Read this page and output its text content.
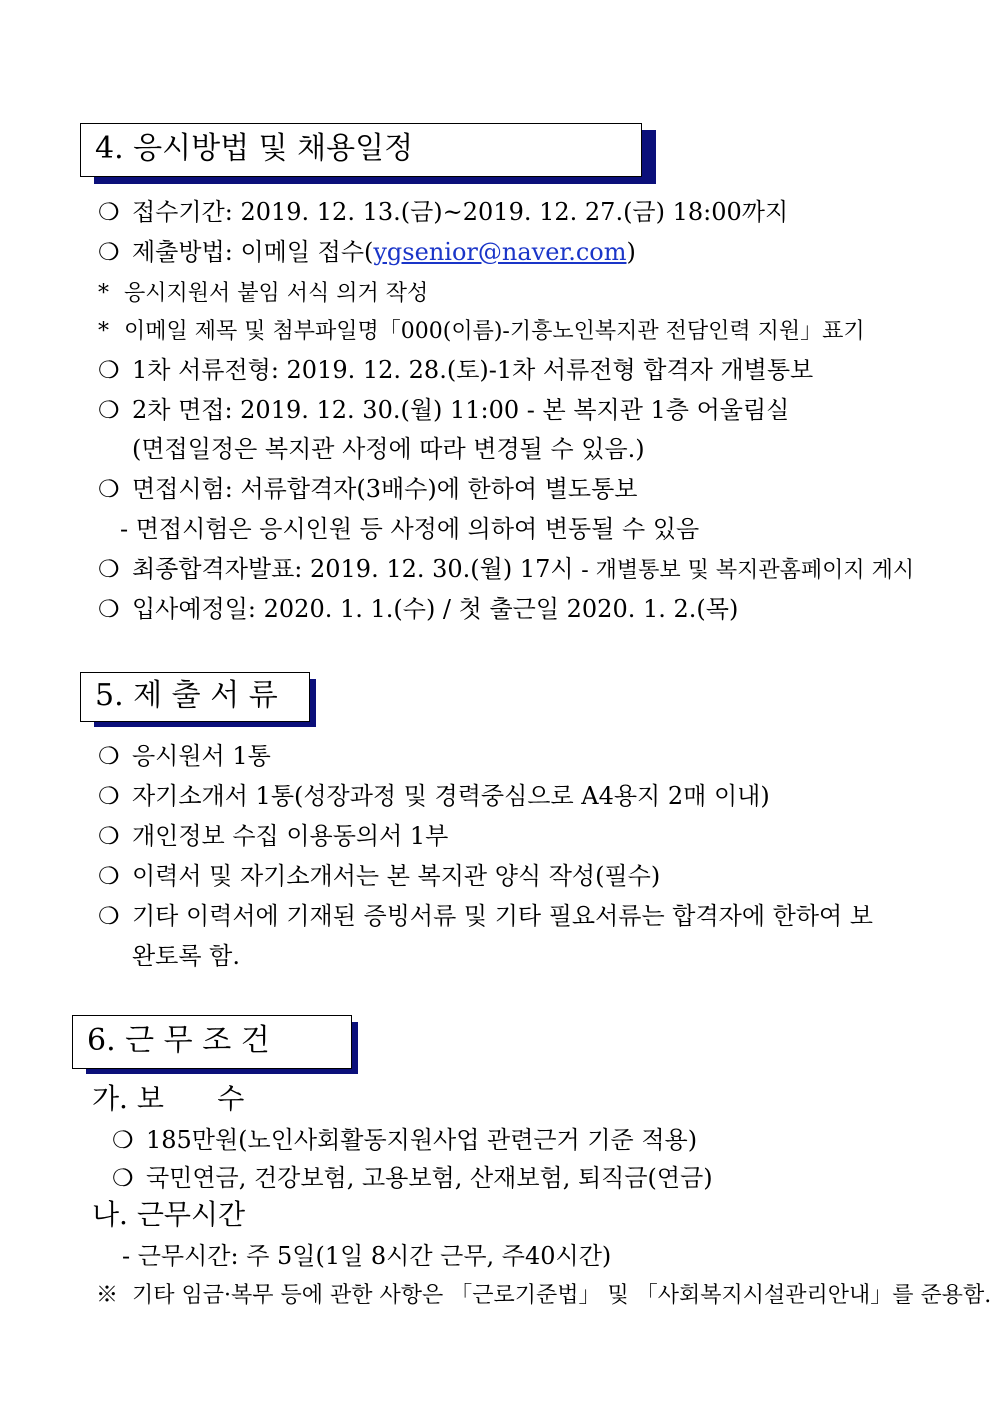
4. 응시방법 및 채용일정
❍ 접수기간: 2019. 12. 13.(금)~2019. 12. 27.(금) 18:00까지
❍ 제출방법: 이메일 접수(ygsenior@naver.com)
* 응시지원서 붙임 서식 의거 작성
* 이메일 제목 및 첨부파일명「000(이름)-기흥노인복지관 전담인력 지원」표기
❍ 1차 서류전형: 2019. 12. 28.(토)-1차 서류전형 합격자 개별통보
❍ 2차 면접: 2019. 12. 30.(월) 11:00 - 본 복지관 1층 어울림실
(면접일정은 복지관 사정에 따라 변경될 수 있음.)
❍ 면접시험: 서류합격자(3배수)에 한하여 별도통보
- 면접시험은 응시인원 등 사정에 의하여 변동될 수 있음
❍ 최종합격자발표: 2019. 12. 30.(월) 17시 - 개별통보 및 복지관홈페이지 게시
❍ 입사예정일: 2020. 1. 1.(수) / 첫 출근일 2020. 1. 2.(목)
5. 제 출 서 류
❍ 응시원서 1통
❍ 자기소개서 1통(성장과정 및 경력중심으로 A4용지 2매 이내)
❍ 개인정보 수집 이용동의서 1부
❍ 이력서 및 자기소개서는 본 복지관 양식 작성(필수)
❍ 기타 이력서에 기재된 증빙서류 및 기타 필요서류는 합격자에 한하여 보
완토록 함.
6. 근 무 조 건
가. 보      수
❍ 185만원(노인사회활동지원사업 관련근거 기준 적용)
❍ 국민연금, 건강보험, 고용보험, 산재보험, 퇴직금(연금)
나. 근무시간
- 근무시간: 주 5일(1일 8시간 근무, 주40시간)
※  기타 임금·복무 등에 관한 사항은 「근로기준법」 및 「사회복지시설관리안내」를 준용함.
